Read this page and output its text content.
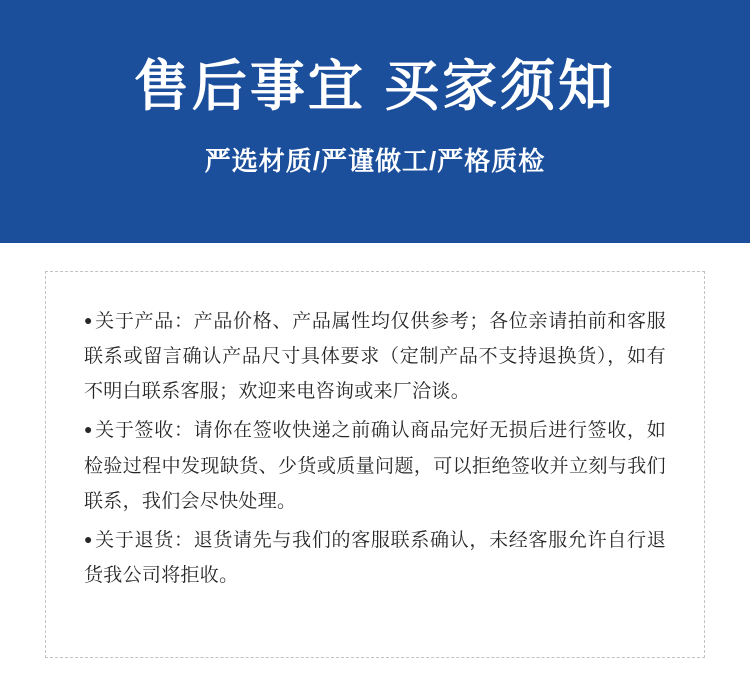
售后事宜 买家须知
严选材质/严谨做工/严格质检

● 关于产品：产品价格、产品属性均仅供参考；各位亲请拍前和客服联系或留言确认产品尺寸具体要求（定制产品不支持退换货），如有不明白联系客服；欢迎来电咨询或来厂洽谈。

● 关于签收：请你在签收快递之前确认商品完好无损后进行签收，如检验过程中发现缺货、少货或质量问题，可以拒绝签收并立刻与我们联系，我们会尽快处理。

● 关于退货：退货请先与我们的客服联系确认，未经客服允许自行退货我公司将拒收。
